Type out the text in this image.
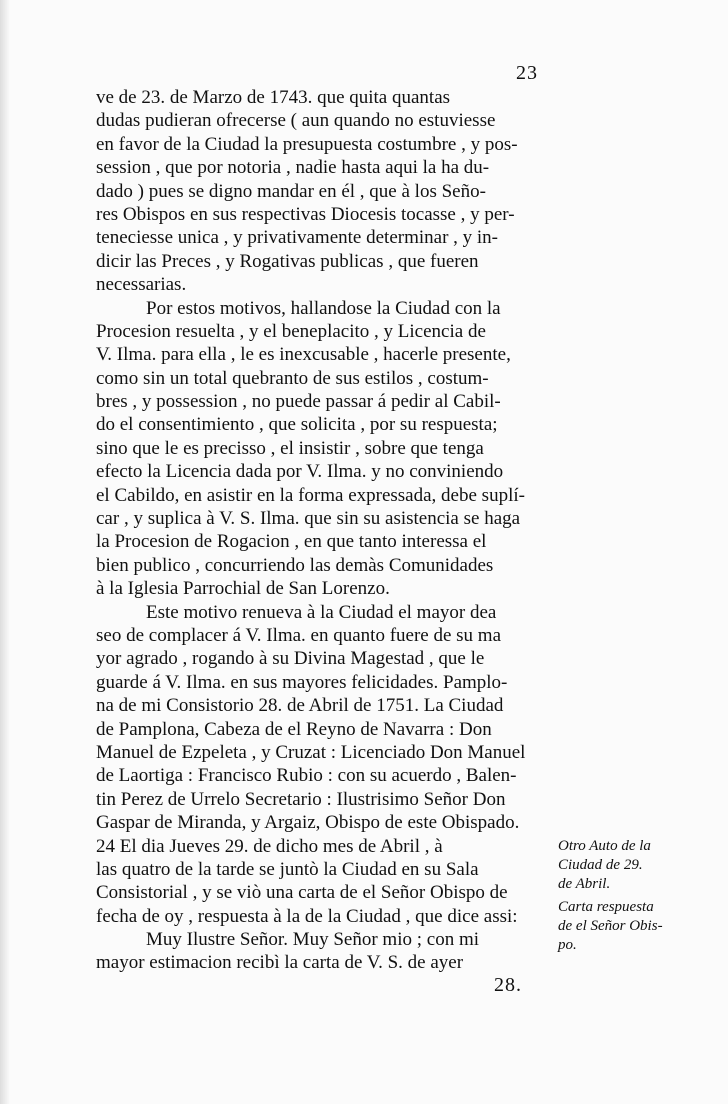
23
ve de 23. de Marzo de 1743. que quita quantas
dudas pudieran ofrecerse ( aun quando no estuviesse
en favor de la Ciudad la presupuesta costumbre , y pos-
session , que por notoria , nadie hasta aqui la ha du-
dado ) pues se digno mandar en él , que à los Seño-
res Obispos en sus respectivas Diocesis tocasse , y per-
teneciesse unica , y privativamente determinar , y in-
dicir las Preces , y Rogativas publicas , que fueren
necessarias.
Por estos motivos, hallandose la Ciudad con la
Procesion resuelta , y el beneplacito , y Licencia de
V. Ilma. para ella , le es inexcusable , hacerle presente,
como sin un total quebranto de sus estilos , costum-
bres , y possession , no puede passar á pedir al Cabil-
do el consentimiento , que solicita , por su respuesta;
sino que le es precisso , el insistir , sobre que tenga
efecto la Licencia dada por V. Ilma. y no conviniendo
el Cabildo, en asistir en la forma expressada, debe suplí-
car , y suplica à V. S. Ilma. que sin su asistencia se haga
la Procesion de Rogacion , en que tanto interessa el
bien publico , concurriendo las demàs Comunidades
à la Iglesia Parrochial de San Lorenzo.
Este motivo renueva à la Ciudad el mayor dea
seo de complacer á V. Ilma. en quanto fuere de su ma
yor agrado , rogando à su Divina Magestad , que le
guarde á V. Ilma. en sus mayores felicidades. Pamplo-
na de mi Consistorio 28. de Abril de 1751. La Ciudad
de Pamplona, Cabeza de el Reyno de Navarra : Don
Manuel de Ezpeleta , y Cruzat : Licenciado Don Manuel
de Laortiga : Francisco Rubio : con su acuerdo , Balen-
tin Perez de Urrelo Secretario : Ilustrisimo Señor Don
Gaspar de Miranda, y Argaiz, Obispo de este Obispado.
24 El dia Jueves 29. de dicho mes de Abril , à
las quatro de la tarde se juntò la Ciudad en su Sala
Consistorial , y se viò una carta de el Señor Obispo de
fecha de oy , respuesta à la de la Ciudad , que dice assi:
Muy Ilustre Señor. Muy Señor mio ; con mi
mayor estimacion recibì la carta de V. S. de ayer
Otro Auto de la
Ciudad de 29.
de Abril.
Carta respuesta
de el Señor Obis-
po.
28.
